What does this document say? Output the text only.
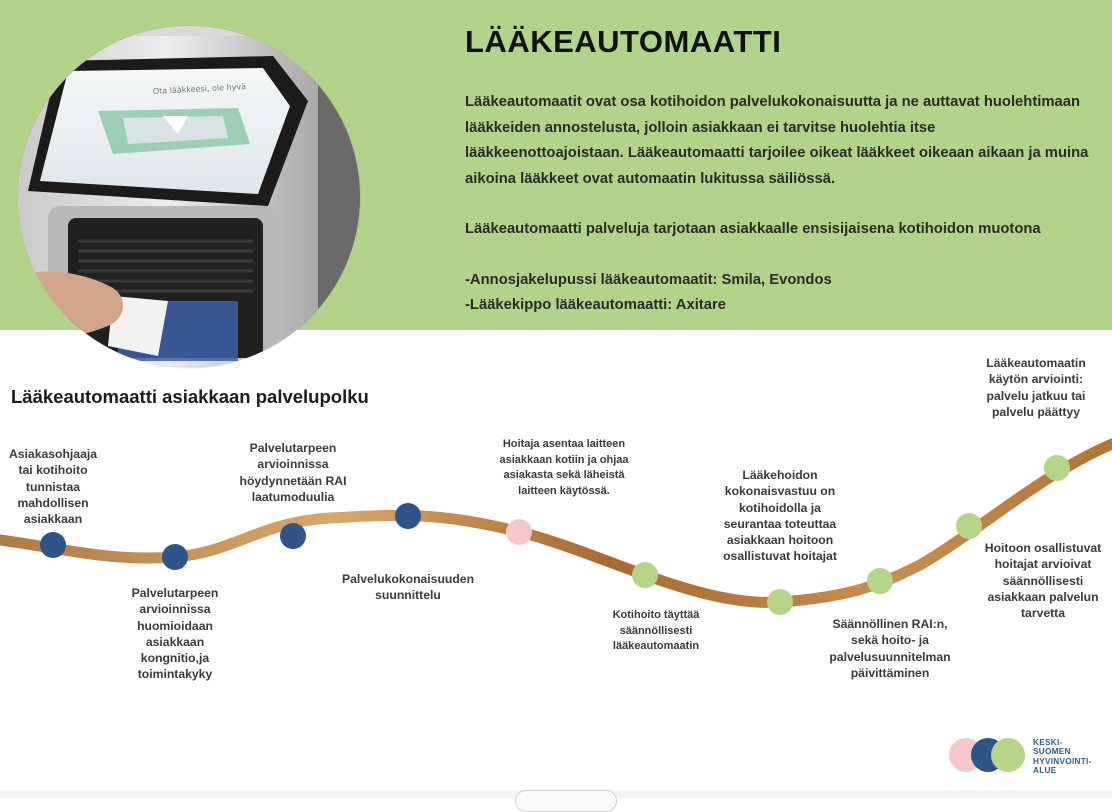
Ota lääkkeesi, ole hyvä
LÄÄKEAUTOMAATTI

Lääkeautomaatit ovat osa kotihoidon palvelukokonaisuutta ja ne auttavat huolehtimaan lääkkeiden annostelusta, jolloin asiakkaan ei tarvitse huolehtia itse lääkkeenottoajoistaan. Lääkeautomaatti tarjoilee oikeat lääkkeet oikeaan aikaan ja muina aikoina lääkkeet ovat automaatin lukitussa säiliössä.

Lääkeautomaatti palveluja tarjotaan asiakkaalle ensisijaisena kotihoidon muotona

-Annosjakelupussi lääkeautomaatit: Smila, Evondos

-Lääkekippo lääkeautomaatti: Axitare

Lääkeautomaatti asiakkaan palvelupolku
Asiakasohjaaja tai kotihoito tunnistaa mahdollisen asiakkaan
Palvelutarpeen arvioinnissa huomioidaan asiakkaan kongnitio,ja toimintakyky
Palvelutarpeen arvioinnissa höydynnetään RAI laatumoduulia
Palvelukokonaisuuden suunnittelu
Hoitaja asentaa laitteen asiakkaan kotiin ja ohjaa asiakasta sekä läheistä laitteen käytössä.
Kotihoito täyttää säännöllisesti lääkeautomaatin
Lääkehoidon kokonaisvastuu on kotihoidolla ja seurantaa toteuttaa asiakkaan hoitoon osallistuvat hoitajat
Säännöllinen RAI:n, sekä hoito- ja palvelusuunnitelman päivittäminen
Hoitoon osallistuvat hoitajat arvioivat säännöllisesti asiakkaan palvelun tarvetta
Lääkeautomaatin käytön arviointi: palvelu jatkuu tai palvelu päättyy
KESKI-
SUOMEN
HYVINVOINTI-
ALUE
